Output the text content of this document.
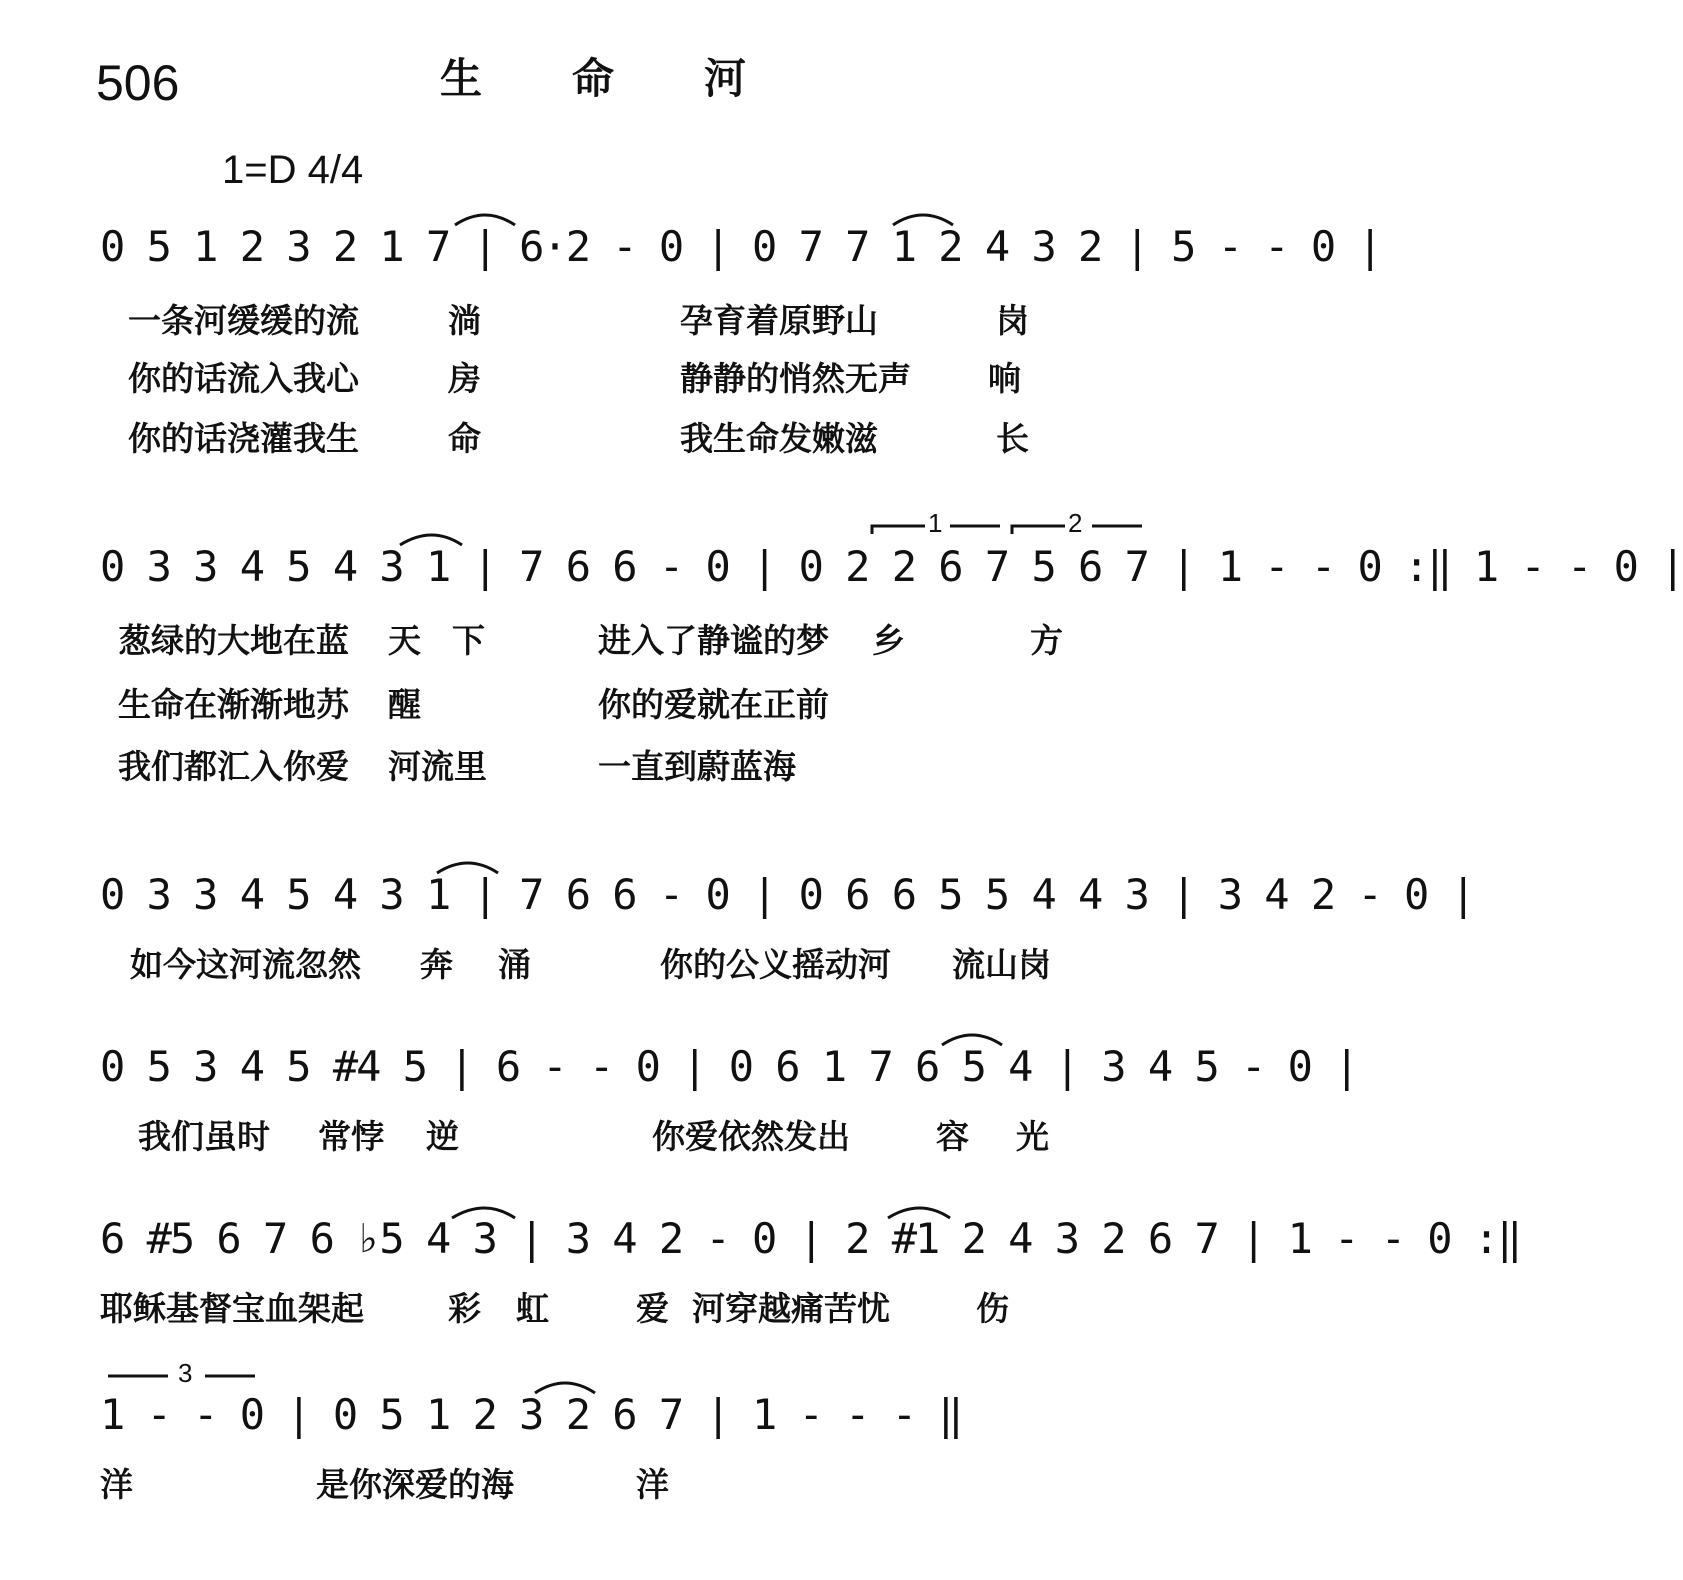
506	生命河
1=D 4/4
0 5 1 2 3 2 1 7 | 6·2 - 0 | 0 7 7 1 2 4 3 2 | 5 - - 0 |
0 3 3 4 5 4 3 1 | 7 6 6 - 0 | 0 2 2 6 7 5 6 7 | 1 - - 0 :‖ 1 - - 0 |
0 3 3 4 5 4 3 1 | 7 6 6 - 0 | 0 6 6 5 5 4 4 3 | 3 4 2 - 0 |
0 5 3 4 5 #4 5 | 6 - - 0 | 0 6 1 7 6 5 4 | 3 4 5 - 0 |
6 #5 6 7 6 ♭5 4 3 | 3 4 2 - 0 | 2 #1 2 4 3 2 6 7 | 1 - - 0 :‖
1 - - 0 | 0 5 1 2 3 2 6 7 | 1 - - - ‖
1	2
3
一条河缓缓的流	淌	孕育着原野山	岗
你的话流入我心	房	静静的悄然无声 响
你的话浇灌我生	命	我生命发嫩滋	长
葱绿的大地在蓝 天 下	进入了静谧的梦 乡	方
生命在渐渐地苏 醒	你的爱就在正前
我们都汇入你爱 河流里	一直到蔚蓝海
如今这河流忽然 奔 涌	你的公义摇动河 流山岗
我们虽时 常悖 逆	你爱依然发出	容 光
耶稣基督宝血架起	彩 虹	爱 河穿越痛苦忧	伤
洋	是你深爱的海	洋
